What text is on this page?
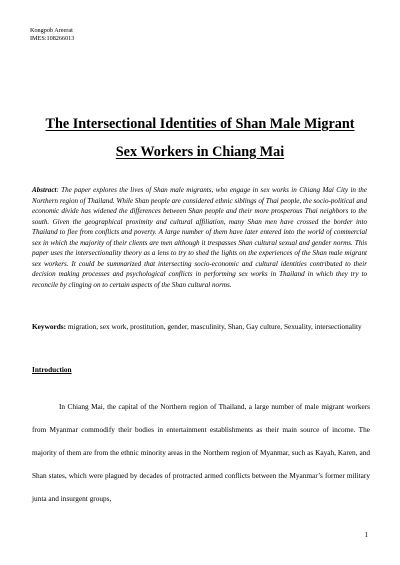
Kongpob Areerat
IMES:108266013
The Intersectional Identities of Shan Male Migrant
Sex Workers in Chiang Mai

Abstract: The paper explores the lives of Shan male migrants, who engage in sex works in Chiang Mai City in the Northern region of Thailand. While Shan people are considered ethnic siblings of Thai people, the socio-political and economic divide has widened the differences between Shan people and their more prosperous Thai neighbors to the south. Given the geographical proximity and cultural affiliation, many Shan men have crossed the border into Thailand to flee from conflicts and poverty. A large number of them have later entered into the world of commercial sex in which the majority of their clients are men although it trespasses Shan cultural sexual and gender norms. This paper uses the intersectionality theory as a lens to try to shed the lights on the experiences of the Shan male migrant sex workers. It could be summarized that intersecting socio-economic and cultural identities contributed to their decision making processes and psychological conflicts in performing sex works in Thailand in which they try to reconcile by clinging on to certain aspects of the Shan cultural norms.

Keywords: migration, sex work, prostitution, gender, masculinity, Shan, Gay culture, Sexuality, intersectionality

Introduction

In Chiang Mai, the capital of the Northern region of Thailand, a large number of male migrant workers from Myanmar commodify their bodies in entertainment establishments as their main source of income. The majority of them are from the ethnic minority areas in the Northern region of Myanmar, such as Kayah, Karen, and Shan states, which were plagued by decades of protracted armed conflicts between the Myanmar’s former military junta and insurgent groups,

1
